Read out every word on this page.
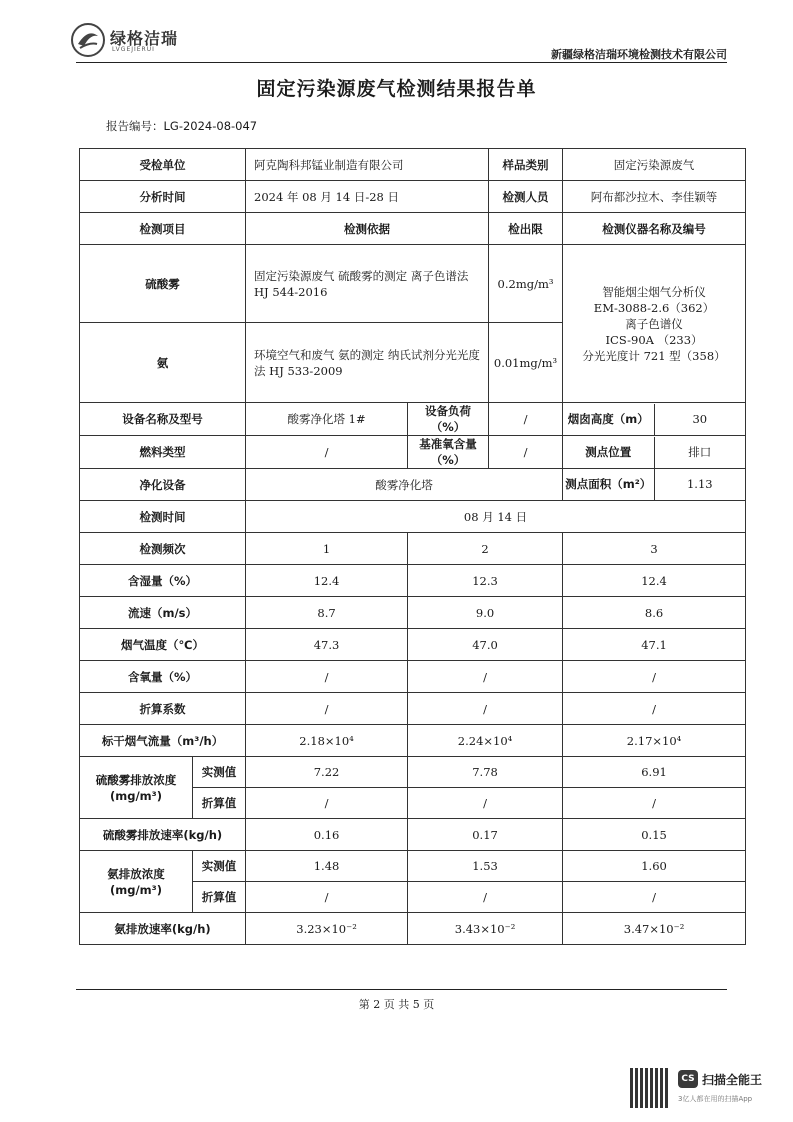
绿格洁瑞
LVGEJIERUI	新疆绿格洁瑞环境检测技术有限公司
固定污染源废气检测结果报告单
报告编号：LG-2024-08-047
受检单位		阿克陶科邦锰业制造有限公司		样品类别	固定污染源废气
分析时间		2024 年 08 月 14 日-28 日		检测人员	阿布都沙拉木、李佳颖等
检测项目		检测依据		检出限	检测仪器名称及编号
硫酸雾		固定污染源废气 硫酸雾的测定 离子色谱法 HJ 544-2016		0.2mg/m³	智能烟尘烟气分析仪
EM-3088-2.6（362）
离子色谱仪
ICS-90A （233）
分光光度计 721 型（358）

氨		环境空气和废气 氨的测定 纳氏试剂分光光度法 HJ 533-2009		0.01mg/m³	
设备名称及型号		酸雾净化塔 1#	设备负荷（%）	/	烟囱高度（m） 30

燃料类型		/	基准氧含量（%）	/	测点位置 排口

净化设备		酸雾净化塔			测点面积（m²） 1.13

检测时间		08 月 14 日			
检测频次		1	2		3
含湿量（%）		12.4	12.3		12.4
流速（m/s）		8.7	9.0		8.6
烟气温度（℃）		47.3	47.0		47.1
含氧量（%）		/	/		/
折算系数		/	/		/
标干烟气流量（m³/h）		2.18×10⁴	2.24×10⁴		2.17×10⁴
硫酸雾排放浓度(mg/m³)	实测值	7.22	7.78		6.91
	折算值	/	/		/
硫酸雾排放速率(kg/h)		0.16	0.17		0.15
氨排放浓度(mg/m³)	实测值	1.48	1.53		1.60
	折算值	/	/		/
氨排放速率(kg/h)		3.23×10⁻²	3.43×10⁻²		3.47×10⁻²
第 2 页 共 5 页
CS 扫描全能王
3亿人都在用的扫描App
